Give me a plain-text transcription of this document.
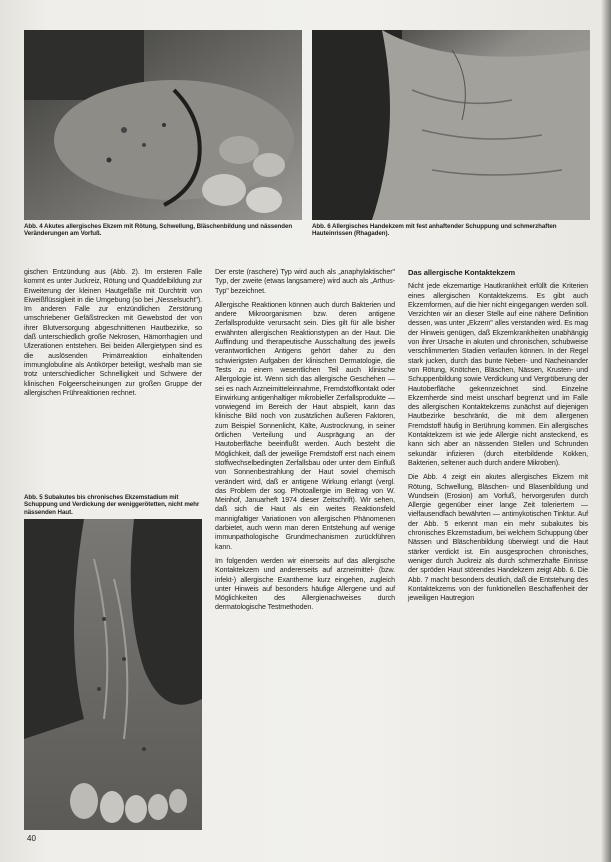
Abb. 4 Akutes allergisches Ekzem mit Rötung, Schwellung, Bläschenbildung und nässenden Veränderungen am Vorfuß.
Abb. 6 Allergisches Handekzem mit fest anhaftender Schuppung und schmerzhaften Hauteinrissen (Rhagaden).

gischen Entzündung aus (Abb. 2). Im ersteren Falle kommt es unter Juckreiz, Rötung und Quaddelbildung zur Erweiterung der kleinen Hautgefäße mit Durchtritt von Eiweißflüssigkeit in die Umgebung (so bei „Nesselsucht"). Im anderen Falle zur entzündlichen Zerstörung umschriebener Gefäßstrecken mit Gewebstod der von ihrer Blutversorgung abgeschnittenen Hautbezirke, so daß unterschiedlich große Nekrosen, Hämorrhagien und Ulzerationen entstehen. Bei beiden Allergietypen sind es die auslösenden Primärreaktion einhaltenden immunglobuline als Antikörper beteiligt, weshalb man sie trotz unterschiedlicher Schnelligkeit und Schwere der klinischen Folgeerscheinungen zur großen Gruppe der allergischen Frühreaktionen rechnet.

Abb. 5 Subakutes bis chronisches Ekzemstadium mit Schuppung und Verdickung der weniggerötetten, nicht mehr nässenden Haut.

Der erste (raschere) Typ wird auch als „anaphylaktischer" Typ, der zweite (etwas langsamere) wird auch als „Arthus-Typ" bezeichnet.

Allergische Reaktionen können auch durch Bakterien und andere Mikroorganismen bzw. deren antigene Zerfallsprodukte verursacht sein. Dies gilt für alle bisher erwähnten allergischen Reaktionstypen an der Haut. Die Auffindung und therapeutische Ausschaltung des jeweils verantwortlichen Antigens gehört daher zu den schwierigsten Aufgaben der klinischen Dermatologie, die Tests zu einem wesentlichen Teil auch klinische Allergologie ist. Wenn sich das allergische Geschehen — sei es nach Arzneimitteleinnahme, Fremdstoffkontakt oder Einwirkung antigenhaltiger mikrobieller Zerfallsprodukte — vorwiegend im Bereich der Haut abspielt, kann das klinische Bild noch von zusätzlichen äußeren Faktoren, zum Beispiel Sonnenlicht, Kälte, Austrocknung, in seiner örtlichen Verteilung und Ausprägung an der Hautoberfläche beeinflußt werden. Auch besteht die Möglichkeit, daß der jeweilige Fremdstoff erst nach einem stoffwechselbedingten Zerfallsbau oder unter dem Einfluß von Sonnenbestrahlung der Haut soviel chemisch verändert wird, daß er antigene Wirkung erlangt (vergl. das Problem der sog. Photoallergie im Beitrag von W. Meinhof, Januarheft 1974 dieser Zeitschrift). Wir sehen, daß sich die Haut als ein weites Reaktionsfeld mannigfaltiger Variationen von allergischen Phänomenen darbietet, auch wenn man deren Entstehung auf wenige immunpathologische Grundmechanismen zurückführen kann.

Im folgenden werden wir einerseits auf das allergische Kontaktekzem und andererseits auf arzneimittel- (bzw. infekt-) allergische Exantheme kurz eingehen, zugleich unter Hinweis auf besonders häufige Allergene und auf Möglichkeiten des Allergienachweises durch dermatologische Testmethoden.

Das allergische Kontaktekzem

Nicht jede ekzemartige Hautkrankheit erfüllt die Kriterien eines allergischen Kontaktekzems. Es gibt auch Ekzemformen, auf die hier nicht eingegangen werden soll. Verzichten wir an dieser Stelle auf eine nähere Definition dessen, was unter „Ekzem" alles verstanden wird. Es mag der Hinweis genügen, daß Ekzemkrankheiten unabhängig von ihrer Ursache in akuten und chronischen, schubweise verschlimmerten Stadien verlaufen können. In der Regel stark jucken, durch das bunte Neben- und Nacheinander von Rötung, Knötchen, Bläschen, Nässen, Krusten- und Schuppenbildung sowie Verdickung und Vergröberung der Hautoberfläche gekennzeichnet sind. Einzelne Ekzemherde sind meist unscharf begrenzt und im Falle des allergischen Kontaktekzems zunächst auf diejenigen Hautbezirke beschränkt, die mit dem allergenen Fremdstoff häufig in Berührung kommen. Ein allergisches Kontaktekzem ist wie jede Allergie nicht ansteckend, es kann sich aber an nässenden Stellen und Schrunden sekundär infizieren (durch eiterbildende Kokken, Bakterien, seltener auch durch andere Mikroben).

Die Abb. 4 zeigt ein akutes allergisches Ekzem mit Rötung, Schwellung, Bläschen- und Blasenbildung und Wundsein (Erosion) am Vorfuß, hervorgerufen durch Allergie gegenüber einer lange Zeit toleriertem — vielfausendfach bewährten — antimykotischen Tinktur. Auf der Abb. 5 erkennt man ein mehr subakutes bis chronisches Ekzemstadium, bei welchem Schuppung über Nässen und Bläschenbildung überwiegt und die Haut stärker verdickt ist. Ein ausgesprochen chronisches, weniger durch Juckreiz als durch schmerzhafte Einrisse der spröden Haut störendes Handekzem zeigt Abb. 6. Die Abb. 7 macht besonders deutlich, daß die Entstehung des Kontaktekzems von der funktionellen Beschaffenheit der jeweiligen Hautregion

40
